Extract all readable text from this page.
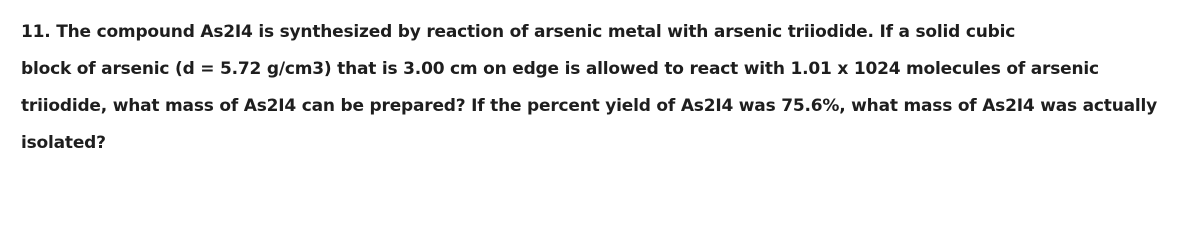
11. The compound As2I4 is synthesized by reaction of arsenic metal with arsenic triiodide. If a solid cubic
block of arsenic (d = 5.72 g/cm3) that is 3.00 cm on edge is allowed to react with 1.01 x 1024 molecules of arsenic
triiodide, what mass of As2I4 can be prepared? If the percent yield of As2I4 was 75.6%, what mass of As2I4 was actually
isolated?
